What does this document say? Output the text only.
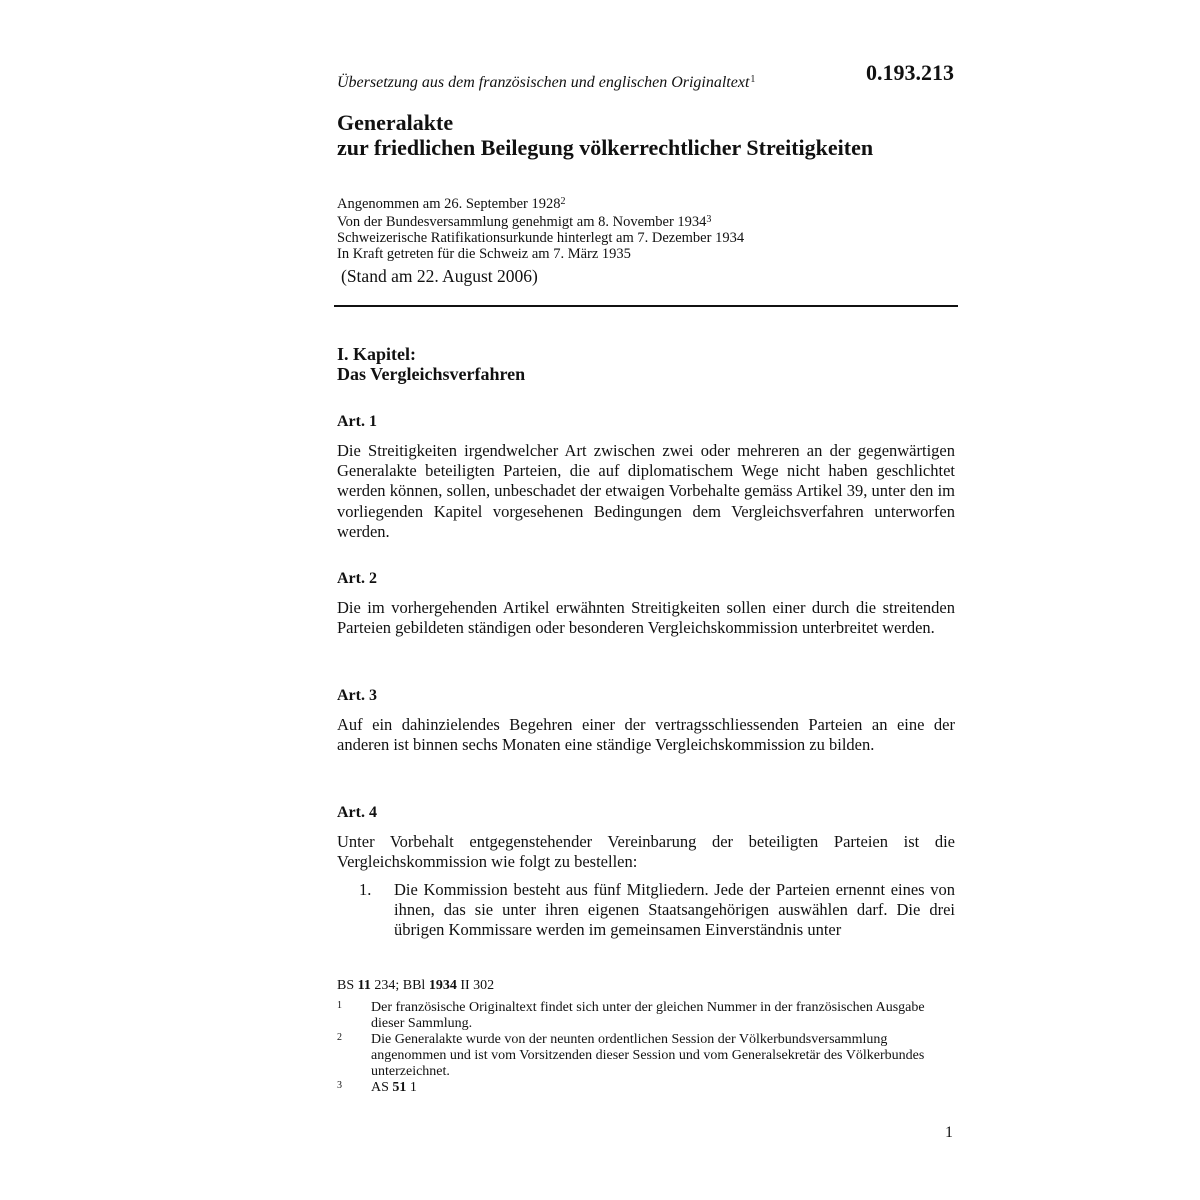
Übersetzung aus dem französischen und englischen Originaltext$^1$	0.193.213
Generalakte
zur friedlichen Beilegung völkerrechtlicher Streitigkeiten
Angenommen am 26. September 1928$^2$
Von der Bundesversammlung genehmigt am 8. November 1934$^3$
Schweizerische Ratifikationsurkunde hinterlegt am 7. Dezember 1934
In Kraft getreten für die Schweiz am 7. März 1935
(Stand am 22. August 2006)
I. Kapitel:
Das Vergleichsverfahren
Art. 1
Die Streitigkeiten irgendwelcher Art zwischen zwei oder mehreren an der gegenwärtigen Generalakte beteiligten Parteien, die auf diplomatischem Wege nicht haben geschlichtet werden können, sollen, unbeschadet der etwaigen Vorbehalte gemäss Artikel 39, unter den im vorliegenden Kapitel vorgesehenen Bedingungen dem Vergleichsverfahren unterworfen werden.
Art. 2
Die im vorhergehenden Artikel erwähnten Streitigkeiten sollen einer durch die streitenden Parteien gebildeten ständigen oder besonderen Vergleichskommission unterbreitet werden.
Art. 3
Auf ein dahinzielendes Begehren einer der vertragsschliessenden Parteien an eine der anderen ist binnen sechs Monaten eine ständige Vergleichskommission zu bilden.
Art. 4
Unter Vorbehalt entgegenstehender Vereinbarung der beteiligten Parteien ist die Vergleichskommission wie folgt zu bestellen:
1. Die Kommission besteht aus fünf Mitgliedern. Jede der Parteien ernennt eines von ihnen, das sie unter ihren eigenen Staatsangehörigen auswählen darf. Die drei übrigen Kommissare werden im gemeinsamen Einverständnis unter
BS 11 234; BBl 1934 II 302
1 Der französische Originaltext findet sich unter der gleichen Nummer in der französischen Ausgabe dieser Sammlung.
2 Die Generalakte wurde von der neunten ordentlichen Session der Völkerbundsversammlung angenommen und ist vom Vorsitzenden dieser Session und vom Generalsekretär des Völkerbundes unterzeichnet.
3 AS 51 1
1
